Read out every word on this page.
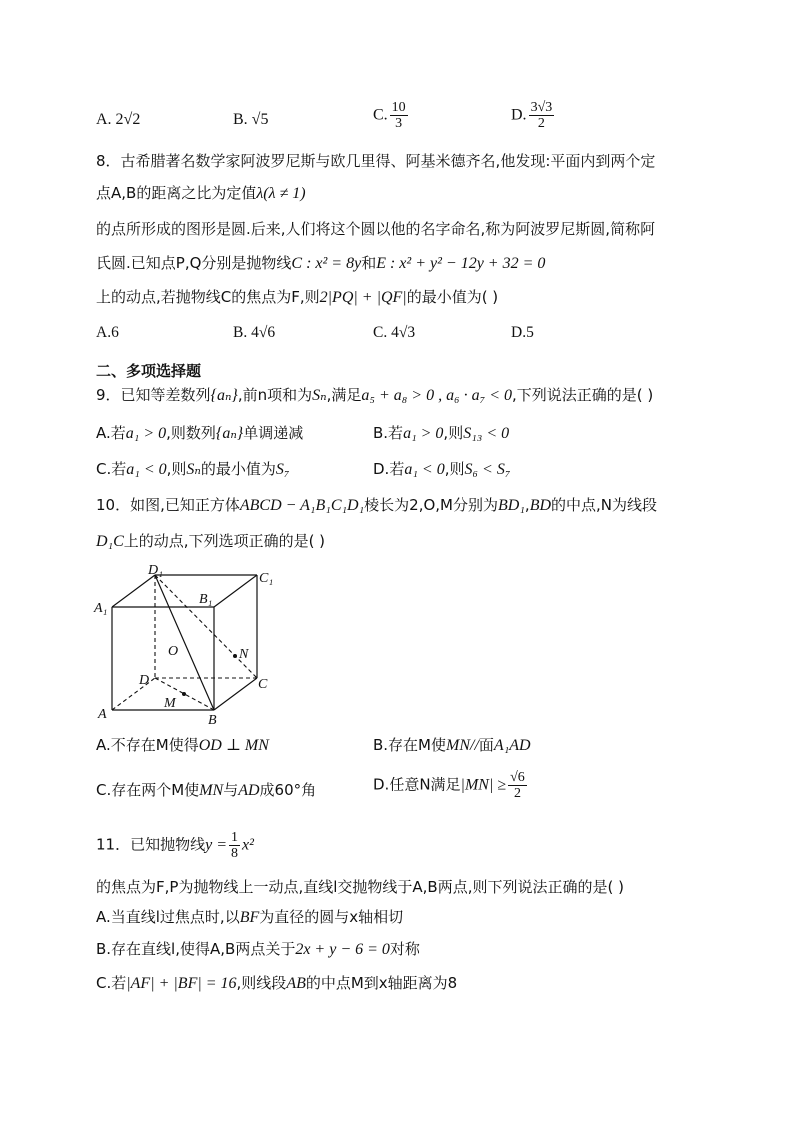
A. 2√2	B. √5	C. $\frac{10}{3}$	D. $\frac{3√3}{2}$
8．古希腊著名数学家阿波罗尼斯与欧几里得、阿基米德齐名,他发现:平面内到两个定
点A,B的距离之比为定值λ(λ ≠ 1)
的点所形成的图形是圆.后来,人们将这个圆以他的名字命名,称为阿波罗尼斯圆,简称阿
氏圆.已知点P,Q分别是抛物线C : x² = 8y和E : x² + y² − 12y + 32 = 0
上的动点,若抛物线C的焦点为F,则2|PQ| + |QF|的最小值为( )
A.6	B. 4√6	C. 4√3	D.5
二、多项选择题
9．已知等差数列{aₙ},前n项和为Sₙ,满足a₅ + a₈ > 0 , a₆ · a₇ < 0,下列说法正确的是( )
A.若a₁ > 0,则数列{aₙ}单调递减	B.若a₁ > 0,则S₁₃ < 0
C.若a₁ < 0,则Sₙ的最小值为S₇	D.若a₁ < 0,则S₆ < S₇
10．如图,已知正方体ABCD − A₁B₁C₁D₁棱长为2,O,M分别为BD₁,BD的中点,N为线段
D₁C上的动点,下列选项正确的是( )
D₁
C₁
A₁
B₁
O	N
D	C
M
A	B
A.不存在M使得OD ⊥ MN	B.存在M使MN//面A₁AD
C.存在两个M使MN与AD成60°角	D.任意N满足$|MN| \ge \frac{√6}{2}$
11．已知抛物线$y = \frac{1}{8} x^2$
的焦点为F,P为抛物线上一动点,直线l交抛物线于A,B两点,则下列说法正确的是( )
A.当直线l过焦点时,以BF为直径的圆与x轴相切
B.存在直线l,使得A,B两点关于2x + y − 6 = 0对称
C.若|AF| + |BF| = 16,则线段AB的中点M到x轴距离为8
